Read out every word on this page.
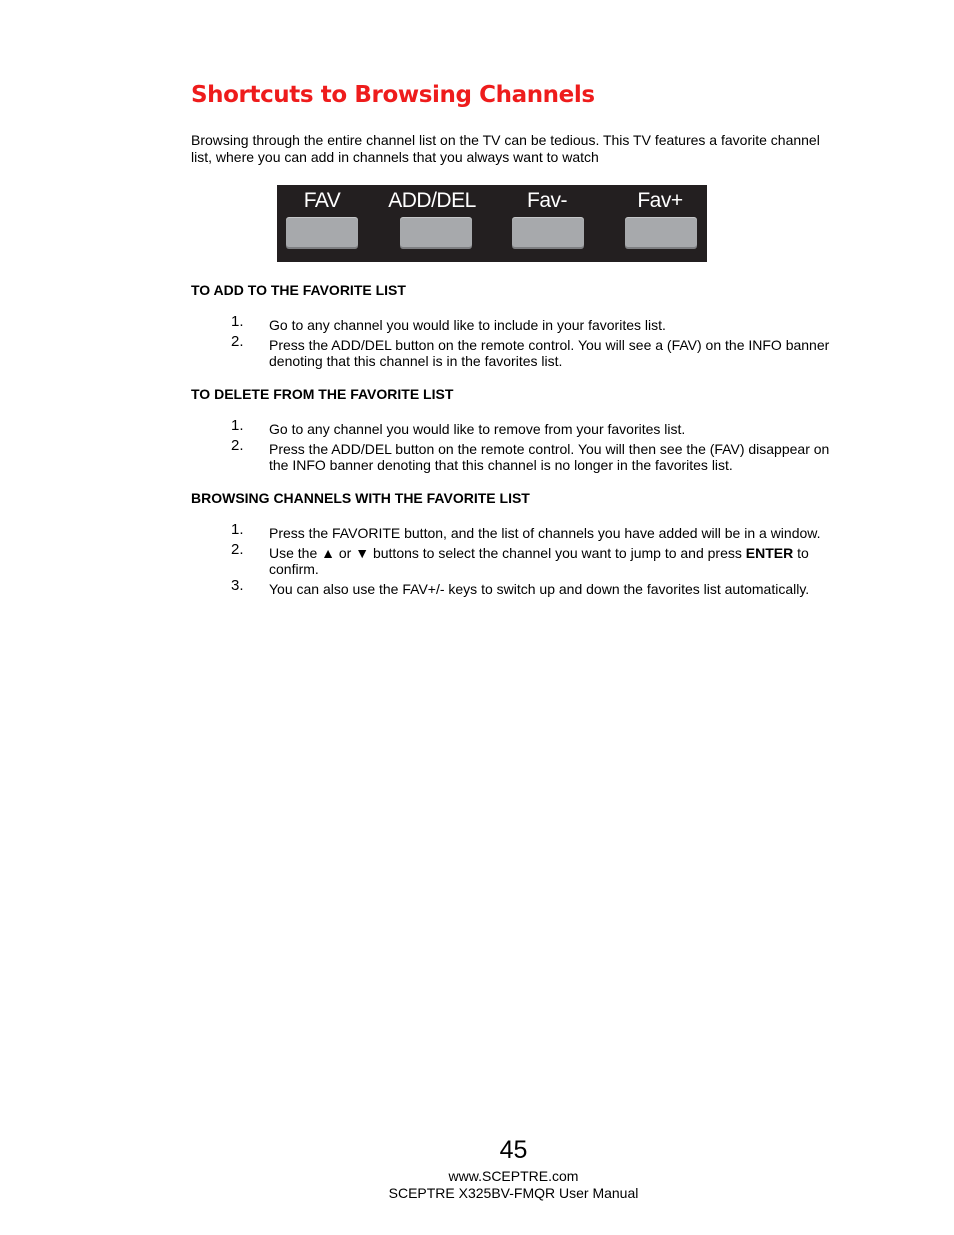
Shortcuts to Browsing Channels

Browsing through the entire channel list on the TV can be tedious. This TV features a favorite channel list, where you can add in channels that you always want to watch

FAV	ADD/DEL	Fav-	Fav+
TO ADD TO THE FAVORITE LIST
1. Go to any channel you would like to include in your favorites list.
2. Press the ADD/DEL button on the remote control. You will see a (FAV) on the INFO banner denoting that this channel is in the favorites list.
TO DELETE FROM THE FAVORITE LIST
1. Go to any channel you would like to remove from your favorites list.
2. Press the ADD/DEL button on the remote control. You will then see the (FAV) disappear on the INFO banner denoting that this channel is no longer in the favorites list.
BROWSING CHANNELS WITH THE FAVORITE LIST
1. Press the FAVORITE button, and the list of channels you have added will be in a window.
2. Use the ▲ or ▼ buttons to select the channel you want to jump to and press ENTER to confirm.
3. You can also use the FAV+/- keys to switch up and down the favorites list automatically.
45
www.SCEPTRE.com
SCEPTRE X325BV-FMQR User Manual
